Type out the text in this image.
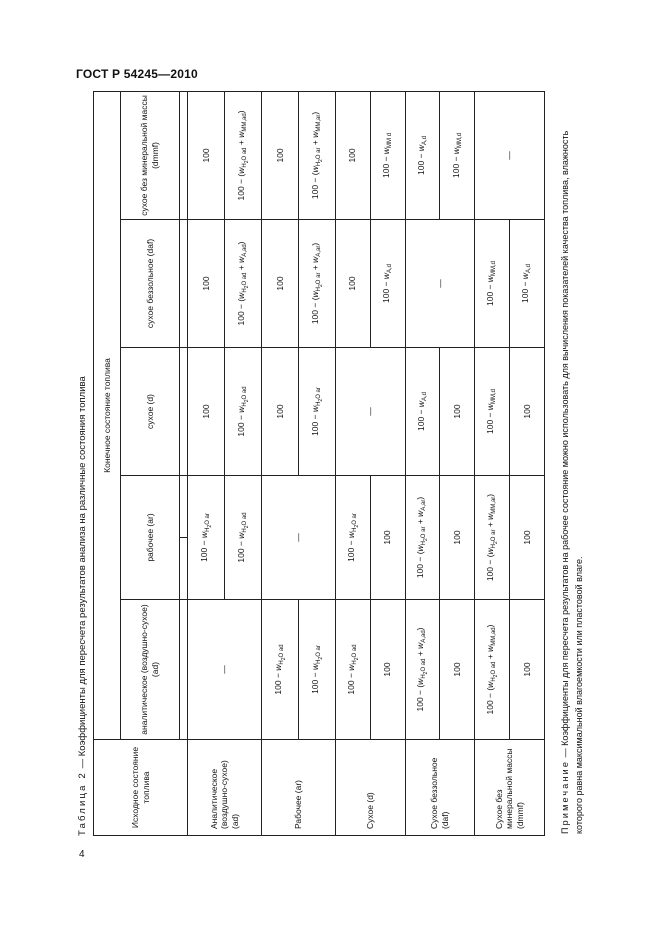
ГОСТ Р 54245—2010
Таблица 2 — Коэффициенты для пересчета результатов анализа на различные состояния топлива
Исходное состояние топлива	Конечное состояние топлива					
	аналитическое (воздушно-сухое) (ad)	рабочее (ar)		сухое (d)	сухое беззольное (daf)	сухое без минеральной массы (dmmf)

Аналитическое (воздушно-сухое) (ad)	—	$100 - w_{H_2O ar}$		100	100	100
		$100 - w_{H_2O ad}$		$100 - w_{H_2O ad}$	$100 - (w_{H_2O ad} + w_{A,ad})$	$100 - (w_{H_2O ad} + w_{MM,ad})$
Рабочее (ar)	$100 - w_{H_2O ad}$	—		100	100	100
	$100 - w_{H_2O ar}$			$100 - w_{H_2O ar}$	$100 - (w_{H_2O ar} + w_{A,ar})$	$100 - (w_{H_2O ar} + w_{MM,ar})$
Сухое (d)	$100 - w_{H_2O ad}$	$100 - w_{H_2O ar}$		—	100	100
	100	100			$100 - w_{A,d}$	$100 - w_{MM d}$
Сухое беззольное (daf)	$100 - (w_{H_2O ad} + w_{A,ad})$	$100 - (w_{H_2O ar} + w_{A,ar})$		$100 - w_{A,d}$	—	$100 - w_{A,d}$
	100	100		100		$100 - w_{MM,d}$
Сухое без минеральной массы (dmmf)	$100 - (w_{H_2O ad} + w_{MM,ad})$	$100 - (w_{H_2O ar} + w_{MM,ar})$		$100 - w_{MM,d}$	$100 - w_{MM,d}$	—
	100	100		100	$100 - w_{A,d}$
Примечание — Коэффициенты для пересчета результатов на рабочее состояние можно использовать для вычисления показателей качества топлива, влажность которого равна максимальной влагоемкости или пластовой влаге.
4
